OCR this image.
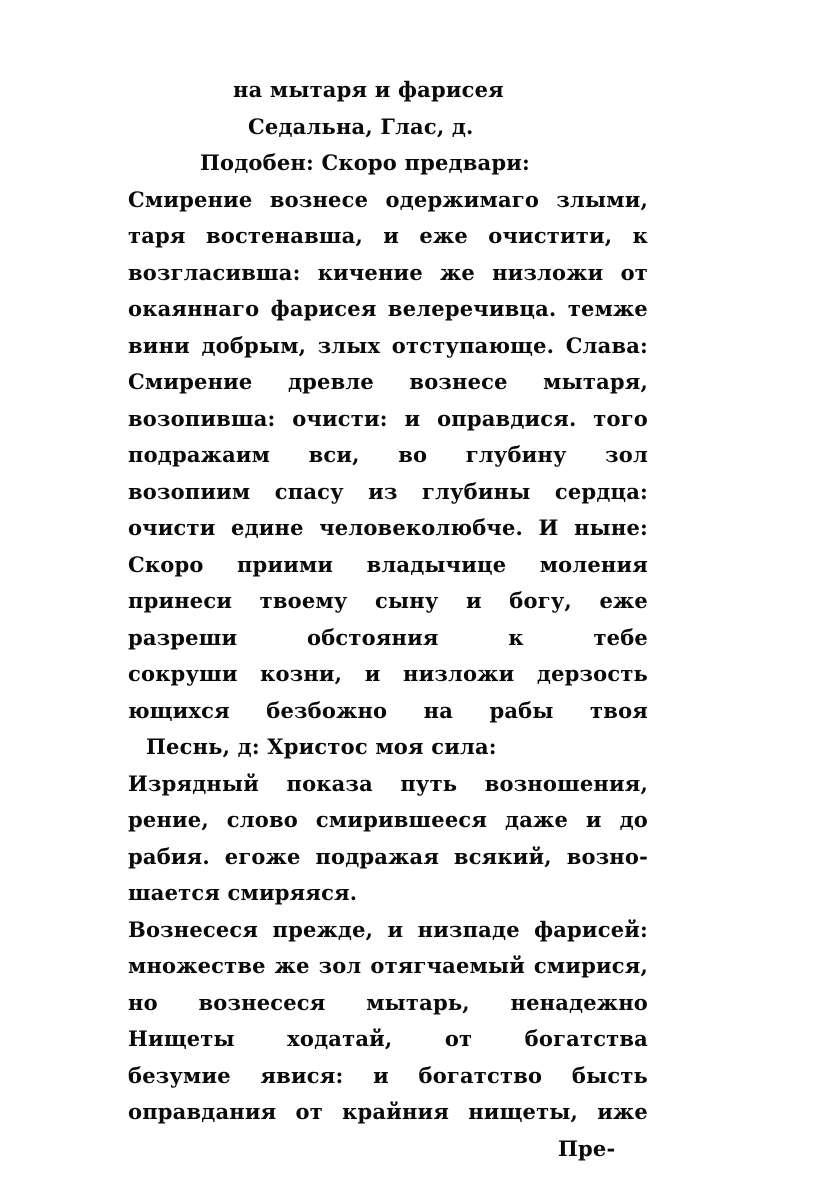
на мытаря и фарисея
Седальна, Глас, д.
Подобен: Скоро предвари:
Смирение вознесе одержимаго злыми,
таря востенавша, и еже очистити, к
возгласивша: кичение же низложи от
окаяннаго фарисея велеречивца. темже
вини добрым, злых отступающе. Слава:
Смирение древле вознесе мытаря,
возопивша: очисти: и оправдися. того
подражаим вси, во глубину зол
возопиим спасу из глубины сердца:
очисти едине человеколюбче. И ныне:
Скоро приими владычице моления
принеси твоему сыну и богу, еже
разреши обстояния к тебе
сокруши козни, и низложи дерзость
ющихся безбожно на рабы твоя
Песнь, д: Христос моя сила:
Изрядный показа путь возношения,
рение, слово смирившееся даже и до
рабия. егоже подражая всякий, возно-
шается смиряяся.
Вознесеся прежде, и низпаде фарисей:
множестве же зол отягчаемый смирися,
но вознесеся мытарь, ненадежно
Нищеты ходатай, от богатства
безумие явися: и богатство бысть
оправдания от крайния нищеты, иже
Пре-
